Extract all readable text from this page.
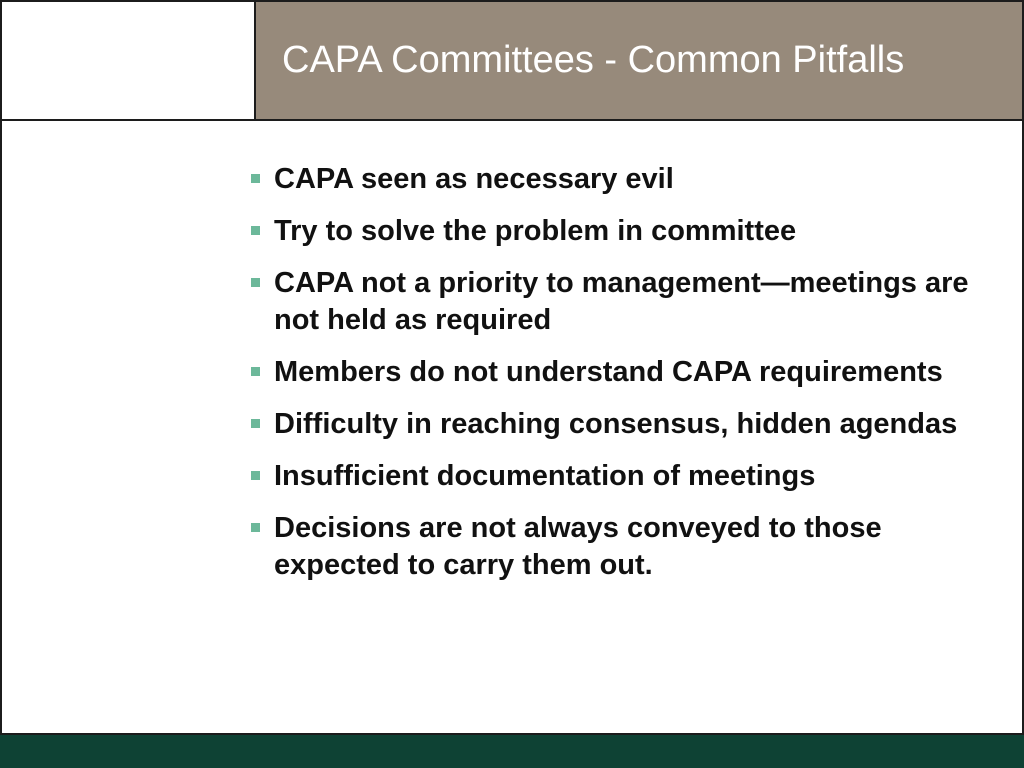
CAPA Committees - Common Pitfalls
CAPA seen as necessary evil
Try to solve the problem in committee
CAPA not a priority to management—meetings are not held as required
Members do not understand CAPA requirements
Difficulty in reaching consensus, hidden agendas
Insufficient documentation of meetings
Decisions are not always conveyed to those expected to carry them out.
